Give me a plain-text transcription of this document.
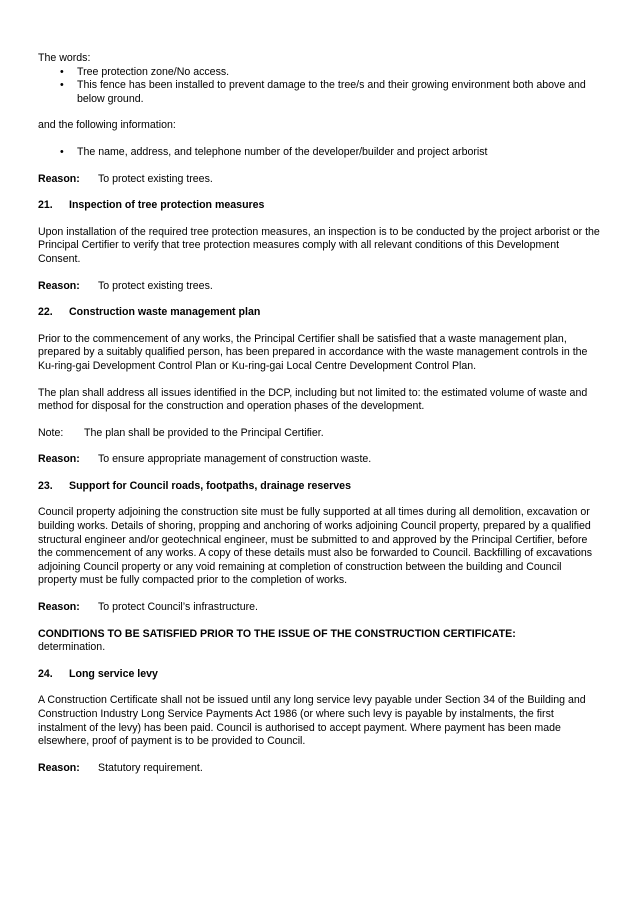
The words:

• Tree protection zone/No access.
• This fence has been installed to prevent damage to the tree/s and their growing environment both above and below ground.

and the following information:

• The name, address, and telephone number of the developer/builder and project arborist

Reason: To protect existing trees.

21. Inspection of tree protection measures

Upon installation of the required tree protection measures, an inspection is to be conducted by the project arborist or the Principal Certifier to verify that tree protection measures comply with all relevant conditions of this Development Consent.

Reason: To protect existing trees.

22. Construction waste management plan

Prior to the commencement of any works, the Principal Certifier shall be satisfied that a waste management plan, prepared by a suitably qualified person, has been prepared in accordance with the waste management controls in the Ku-ring-gai Development Control Plan or Ku-ring-gai Local Centre Development Control Plan.

The plan shall address all issues identified in the DCP, including but not limited to: the estimated volume of waste and method for disposal for the construction and operation phases of the development.

Note: The plan shall be provided to the Principal Certifier.

Reason: To ensure appropriate management of construction waste.

23. Support for Council roads, footpaths, drainage reserves

Council property adjoining the construction site must be fully supported at all times during all demolition, excavation or building works. Details of shoring, propping and anchoring of works adjoining Council property, prepared by a qualified structural engineer and/or geotechnical engineer, must be submitted to and approved by the Principal Certifier, before the commencement of any works. A copy of these details must also be forwarded to Council. Backfilling of excavations adjoining Council property or any void remaining at completion of construction between the building and Council property must be fully compacted prior to the completion of works.

Reason: To protect Council’s infrastructure.

CONDITIONS TO BE SATISFIED PRIOR TO THE ISSUE OF THE CONSTRUCTION CERTIFICATE:

determination.

24. Long service levy

A Construction Certificate shall not be issued until any long service levy payable under Section 34 of the Building and Construction Industry Long Service Payments Act 1986 (or where such levy is payable by instalments, the first instalment of the levy) has been paid. Council is authorised to accept payment. Where payment has been made elsewhere, proof of payment is to be provided to Council.

Reason: Statutory requirement.
